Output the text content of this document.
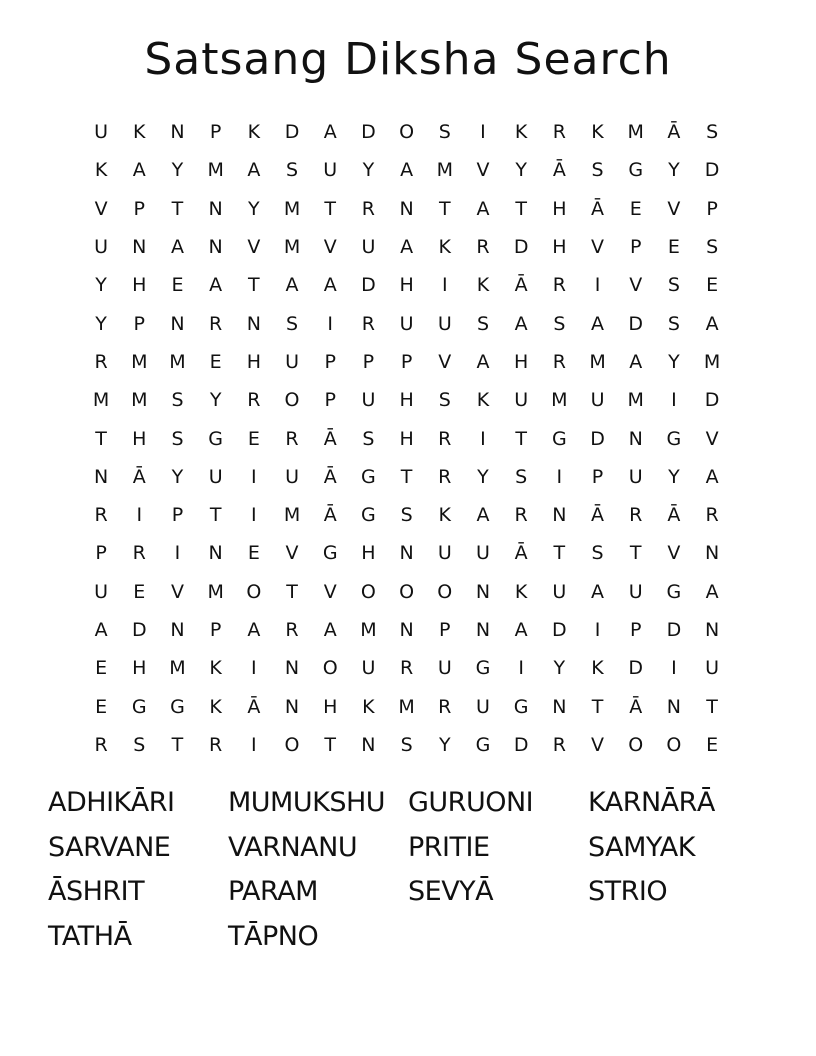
Satsang Diksha Search
U	K	N	P	K	D	A	D	O	S	I	K	R	K	M	Ā	S
K	A	Y	M	A	S	U	Y	A	M	V	Y	Ā	S	G	Y	D
V	P	T	N	Y	M	T	R	N	T	A	T	H	Ā	E	V	P
U	N	A	N	V	M	V	U	A	K	R	D	H	V	P	E	S
Y	H	E	A	T	A	A	D	H	I	K	Ā	R	I	V	S	E
Y	P	N	R	N	S	I	R	U	U	S	A	S	A	D	S	A
R	M	M	E	H	U	P	P	P	V	A	H	R	M	A	Y	M
M	M	S	Y	R	O	P	U	H	S	K	U	M	U	M	I	D
T	H	S	G	E	R	Ā	S	H	R	I	T	G	D	N	G	V
N	Ā	Y	U	I	U	Ā	G	T	R	Y	S	I	P	U	Y	A
R	I	P	T	I	M	Ā	G	S	K	A	R	N	Ā	R	Ā	R
P	R	I	N	E	V	G	H	N	U	U	Ā	T	S	T	V	N
U	E	V	M	O	T	V	O	O	O	N	K	U	A	U	G	A
A	D	N	P	A	R	A	M	N	P	N	A	D	I	P	D	N
E	H	M	K	I	N	O	U	R	U	G	I	Y	K	D	I	U
E	G	G	K	Ā	N	H	K	M	R	U	G	N	T	Ā	N	T
R	S	T	R	I	O	T	N	S	Y	G	D	R	V	O	O	E
ADHIKĀRI	MUMUKSHU GURUONI	KARNĀRĀ
SARVANE	VARNANU	PRITIE	SAMYAK
ĀSHRIT	PARAM	SEVYĀ	STRIO
TATHĀ	TĀPNO
